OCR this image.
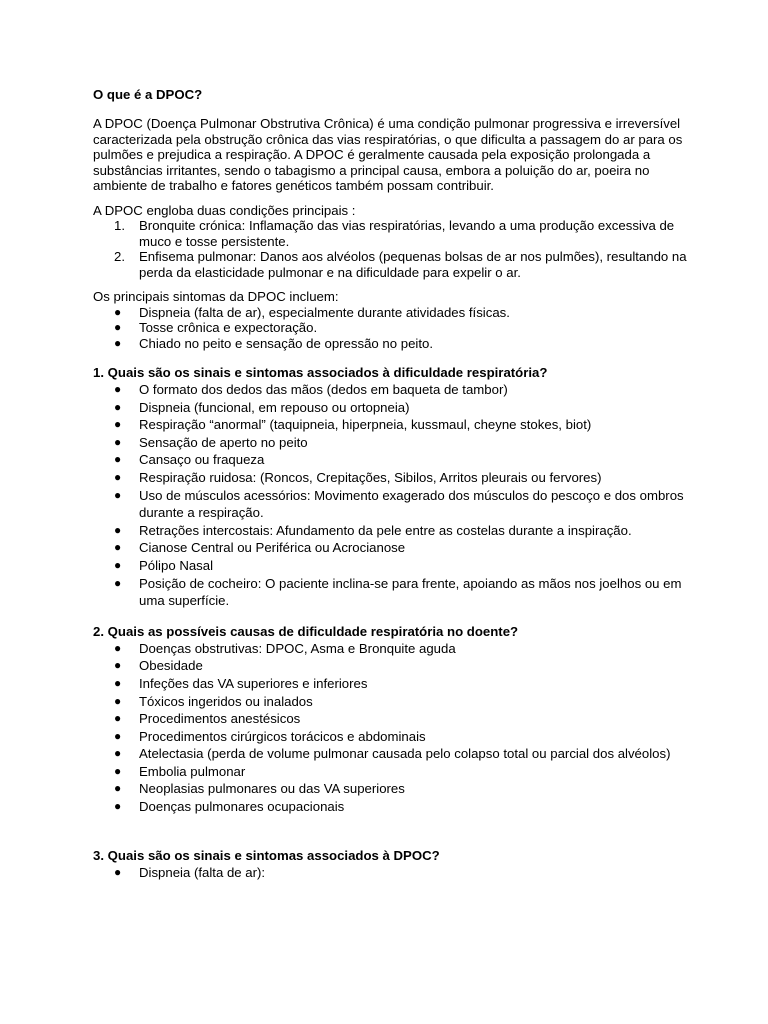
O que é a DPOC?

A DPOC (Doença Pulmonar Obstrutiva Crônica) é uma condição pulmonar progressiva e irreversível caracterizada pela obstrução crônica das vias respiratórias, o que dificulta a passagem do ar para os pulmões e prejudica a respiração. A DPOC é geralmente causada pela exposição prolongada a substâncias irritantes, sendo o tabagismo a principal causa, embora a poluição do ar, poeira no ambiente de trabalho e fatores genéticos também possam contribuir.

A DPOC engloba duas condições principais :

1. Bronquite crónica: Inflamação das vias respiratórias, levando a uma produção excessiva de muco e tosse persistente.
2. Enfisema pulmonar: Danos aos alvéolos (pequenas bolsas de ar nos pulmões), resultando na perda da elasticidade pulmonar e na dificuldade para expelir o ar.

Os principais sintomas da DPOC incluem:

● Dispneia (falta de ar), especialmente durante atividades físicas.
● Tosse crônica e expectoração.
● Chiado no peito e sensação de opressão no peito.
1. Quais são os sinais e sintomas associados à dificuldade respiratória?
● O formato dos dedos das mãos (dedos em baqueta de tambor)
● Dispneia (funcional, em repouso ou ortopneia)
● Respiração “anormal” (taquipneia, hiperpneia, kussmaul, cheyne stokes, biot)
● Sensação de aperto no peito
● Cansaço ou fraqueza
● Respiração ruidosa: (Roncos, Crepitações, Sibilos, Arritos pleurais ou fervores)
● Uso de músculos acessórios: Movimento exagerado dos músculos do pescoço e dos ombros durante a respiração.
● Retrações intercostais: Afundamento da pele entre as costelas durante a inspiração.
● Cianose Central ou Periférica ou Acrocianose
● Pólipo Nasal
● Posição de cocheiro: O paciente inclina-se para frente, apoiando as mãos nos joelhos ou em uma superfície.
2. Quais as possíveis causas de dificuldade respiratória no doente?
● Doenças obstrutivas: DPOC, Asma e Bronquite aguda
● Obesidade
● Infeções das VA superiores e inferiores
● Tóxicos ingeridos ou inalados
● Procedimentos anestésicos
● Procedimentos cirúrgicos torácicos e abdominais
● Atelectasia (perda de volume pulmonar causada pelo colapso total ou parcial dos alvéolos)
● Embolia pulmonar
● Neoplasias pulmonares ou das VA superiores
● Doenças pulmonares ocupacionais
3. Quais são os sinais e sintomas associados à DPOC?
● Dispneia (falta de ar):
